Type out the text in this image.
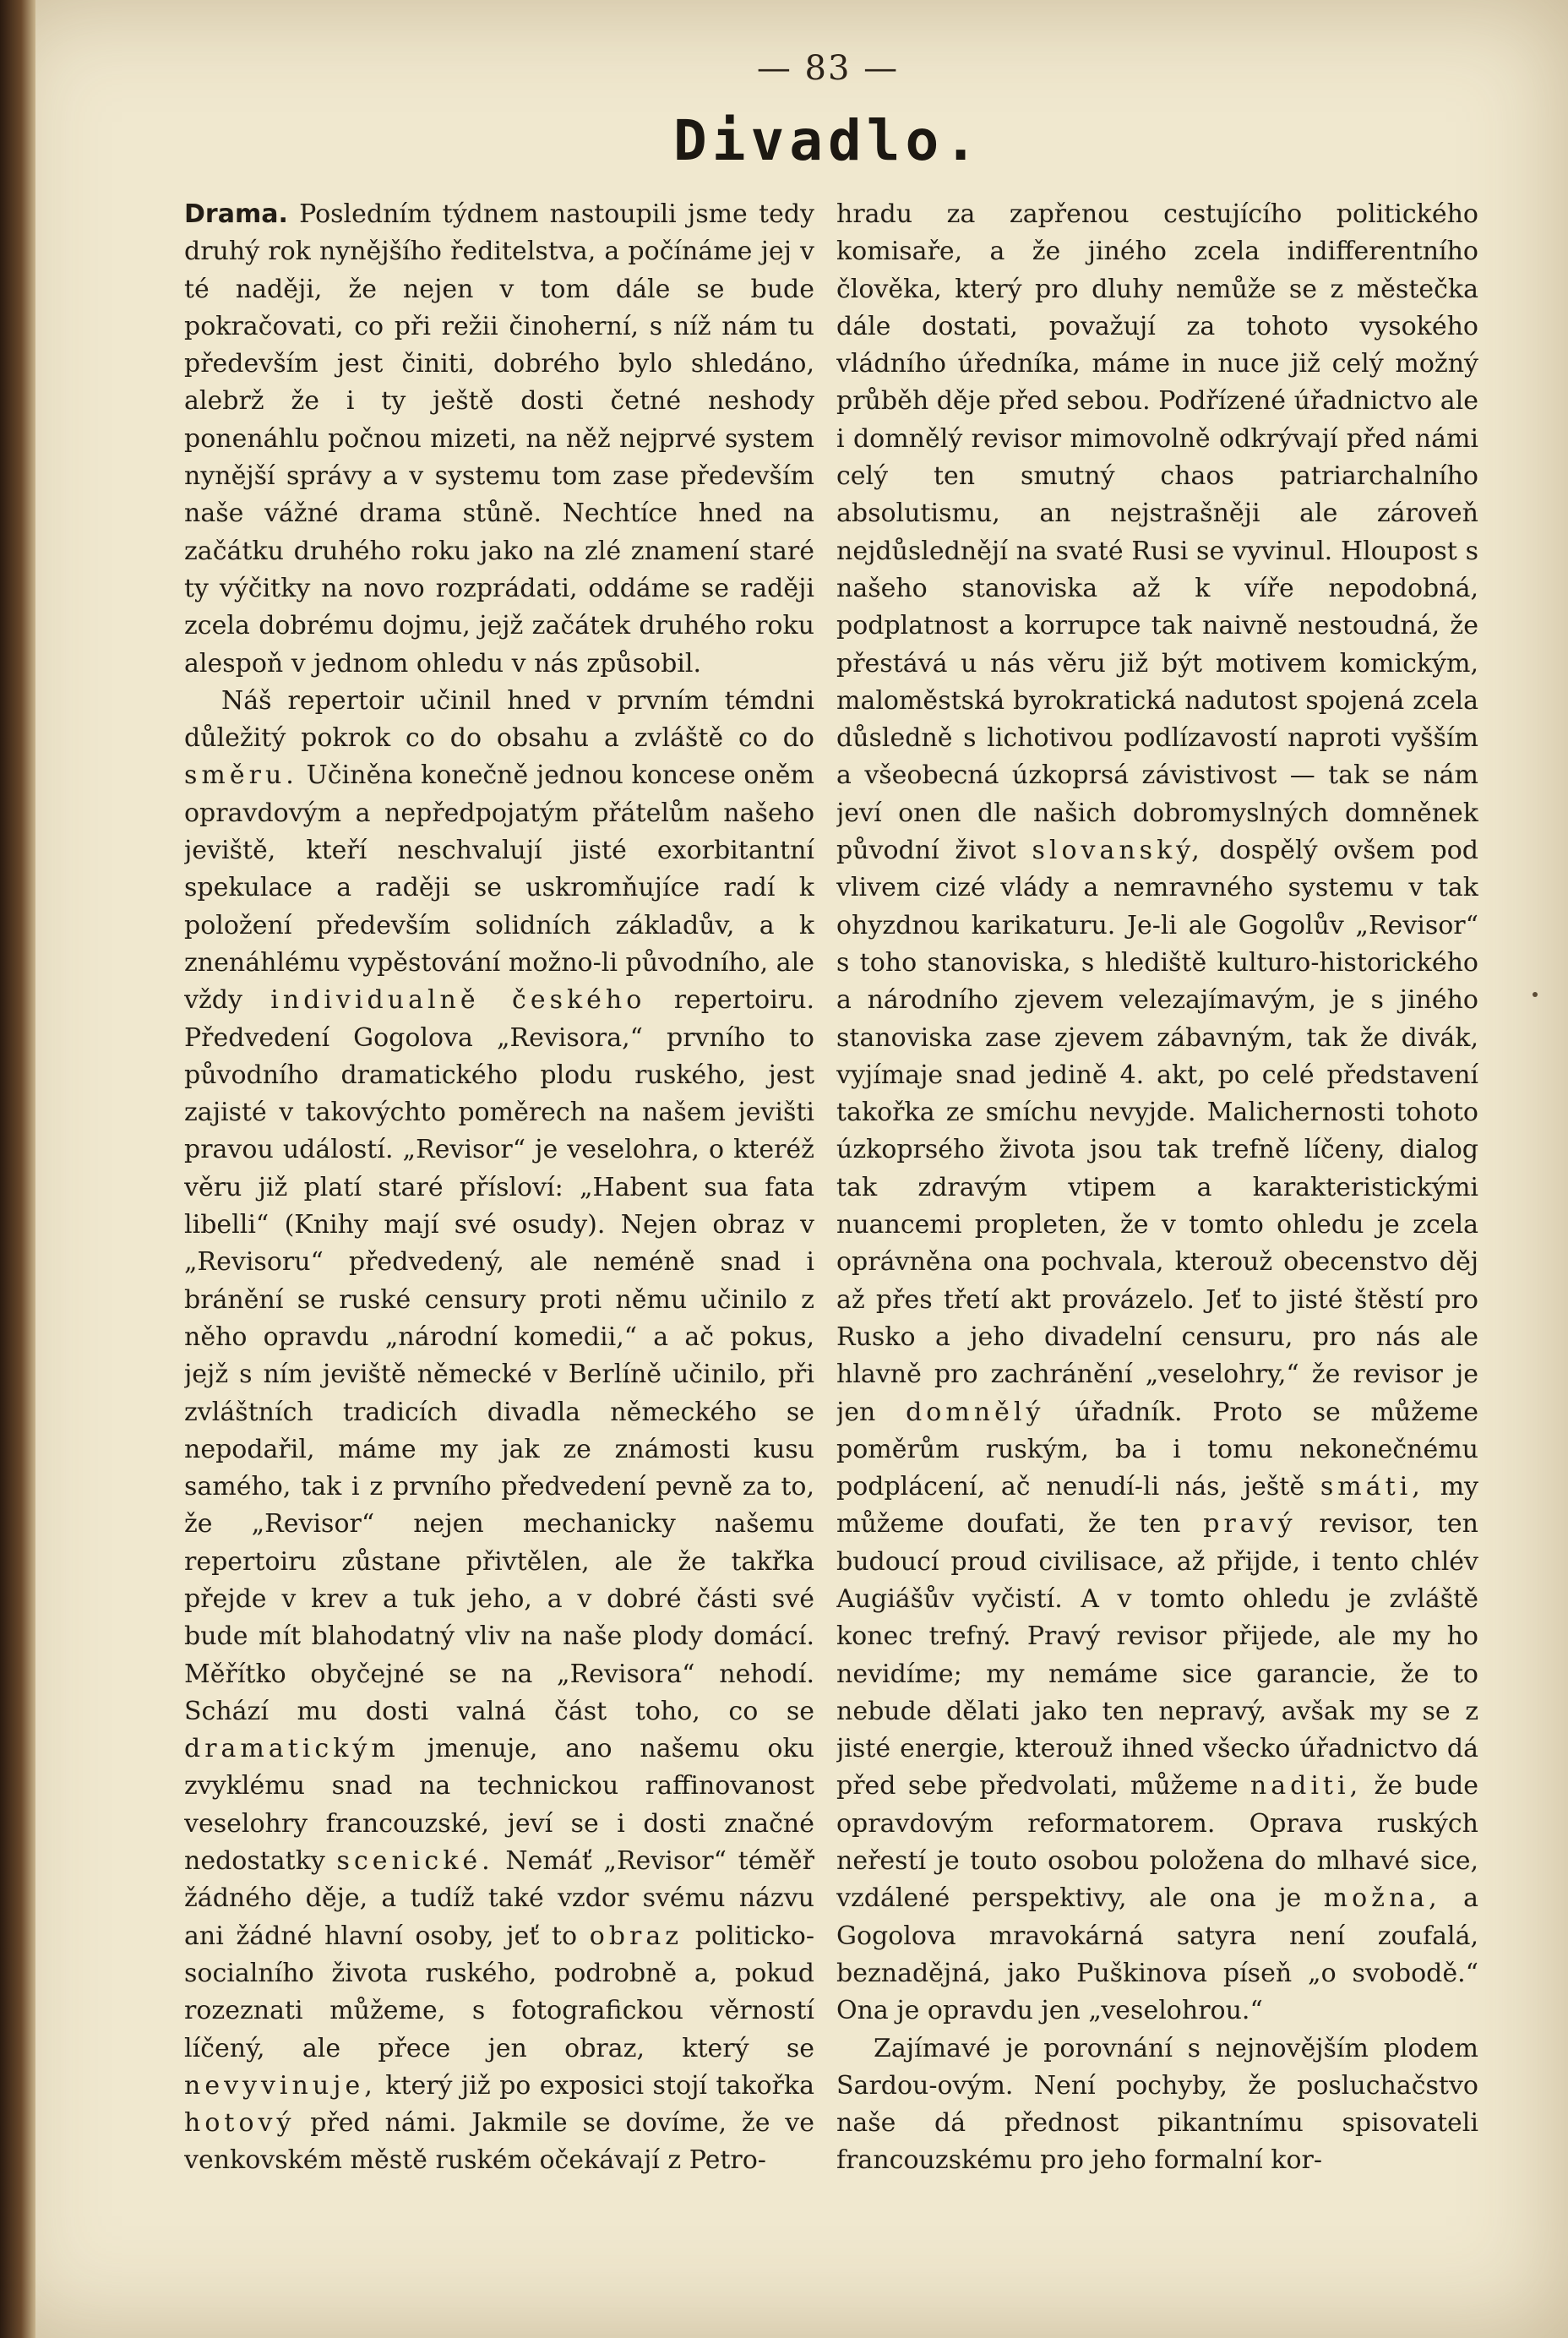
— 83 —
Divadlo.

Drama. Posledním týdnem nastoupili jsme tedy druhý rok nynějšího ředitelstva, a počínáme jej v té naději, že nejen v tom dále se bude pokračovati, co při režii činoherní, s níž nám tu především jest činiti, dobrého bylo shledáno, alebrž že i ty ještě dosti četné neshody ponenáhlu počnou mizeti, na něž nejprvé system nynější správy a v systemu tom zase především naše vážné drama stůně. Nechtíce hned na začátku druhého roku jako na zlé znamení staré ty výčitky na novo rozprádati, oddáme se raději zcela dobrému dojmu, jejž začátek druhého roku alespoň v jednom ohledu v nás způsobil.

Náš repertoir učinil hned v prvním témdni důležitý pokrok co do obsahu a zvláště co do směru. Učiněna konečně jednou koncese oněm opravdovým a nepředpojatým přátelům našeho jeviště, kteří neschvalují jisté exorbitantní spekulace a raději se uskromňujíce radí k položení především solidních základův, a k znenáhlému vypěstování možno-li původního, ale vždy individualně českého repertoiru. Předvedení Gogolova „Revisora,“ prvního to původního dramatického plodu ruského, jest zajisté v takovýchto poměrech na našem jevišti pravou událostí. „Revisor“ je veselohra, o kteréž věru již platí staré přísloví: „Habent sua fata libelli“ (Knihy mají své osudy). Nejen obraz v „Revisoru“ předvedený, ale neméně snad i bránění se ruské censury proti němu učinilo z něho opravdu „národní komedii,“ a ač pokus, jejž s ním jeviště německé v Berlíně učinilo, při zvláštních tradicích divadla německého se nepodařil, máme my jak ze známosti kusu samého, tak i z prvního předvedení pevně za to, že „Revisor“ nejen mechanicky našemu repertoiru zůstane přivtělen, ale že takřka přejde v krev a tuk jeho, a v dobré části své bude mít blahodatný vliv na naše plody domácí. Měřítko obyčejné se na „Revisora“ nehodí. Schází mu dosti valná část toho, co se dramatickým jmenuje, ano našemu oku zvyklému snad na technickou raffinovanost veselohry francouzské, jeví se i dosti značné nedostatky scenické. Nemáť „Revisor“ téměř žádného děje, a tudíž také vzdor svému názvu ani žádné hlavní osoby, jeť to obraz politicko-socialního života ruského, podrobně a, pokud rozeznati můžeme, s fotografickou věrností líčený, ale přece jen obraz, který se nevyvinuje, který již po exposici stojí takořka hotový před námi. Jakmile se dovíme, že ve venkovském městě ruském očekávají z Petro-

hradu za zapřenou cestujícího politického komisaře, a že jiného zcela indifferentního člověka, který pro dluhy nemůže se z městečka dále dostati, považují za tohoto vysokého vládního úředníka, máme in nuce již celý možný průběh děje před sebou. Podřízené úřadnictvo ale i domnělý revisor mimovolně odkrývají před námi celý ten smutný chaos patriarchalního absolutismu, an nejstrašněji ale zároveň nejdůslednějí na svaté Rusi se vyvinul. Hloupost s našeho stanoviska až k víře nepodobná, podplatnost a korrupce tak naivně nestoudná, že přestává u nás věru již být motivem komickým, maloměstská byrokratická nadutost spojená zcela důsledně s lichotivou podlízavostí naproti vyšším a všeobecná úzkoprsá závistivost — tak se nám jeví onen dle našich dobromyslných domněnek původní život slovanský, dospělý ovšem pod vlivem cizé vlády a nemravného systemu v tak ohyzdnou karikaturu. Je-li ale Gogolův „Revisor“ s toho stanoviska, s hlediště kulturo-historického a národního zjevem velezajímavým, je s jiného stanoviska zase zjevem zábavným, tak že divák, vyjímaje snad jedině 4. akt, po celé představení takořka ze smíchu nevyjde. Malichernosti tohoto úzkoprsého života jsou tak trefně líčeny, dialog tak zdravým vtipem a karakteristickými nuancemi propleten, že v tomto ohledu je zcela oprávněna ona pochvala, kterouž obecenstvo děj až přes třetí akt provázelo. Jeť to jisté štěstí pro Rusko a jeho divadelní censuru, pro nás ale hlavně pro zachránění „veselohry,“ že revisor je jen domnělý úřadník. Proto se můžeme poměrům ruským, ba i tomu nekonečnému podplácení, ač nenudí-li nás, ještě smáti, my můžeme doufati, že ten pravý revisor, ten budoucí proud civilisace, až přijde, i tento chlév Augiášův vyčistí. A v tomto ohledu je zvláště konec trefný. Pravý revisor přijede, ale my ho nevidíme; my nemáme sice garancie, že to nebude dělati jako ten nepravý, avšak my se z jisté energie, kterouž ihned všecko úřadnictvo dá před sebe předvolati, můžeme naditi, že bude opravdovým reformatorem. Oprava ruských neřestí je touto osobou položena do mlhavé sice, vzdálené perspektivy, ale ona je možna, a Gogolova mravokárná satyra není zoufalá, beznadějná, jako Puškinova píseň „o svobodě.“ Ona je opravdu jen „veselohrou.“

Zajímavé je porovnání s nejnovějším plodem Sardou-ovým. Není pochyby, že posluchačstvo naše dá přednost pikantnímu spisovateli francouzskému pro jeho formalní kor-
